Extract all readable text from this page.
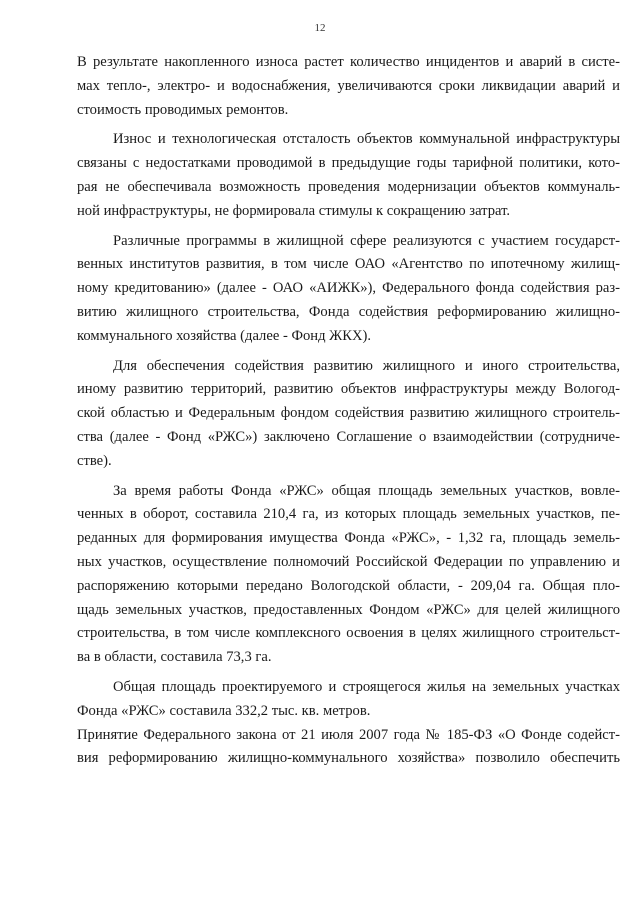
12
В результате накопленного износа растет количество инцидентов и аварий в систе-
мах тепло-, электро- и водоснабжения, увеличиваются сроки ликвидации аварий и
стоимость проводимых ремонтов.
Износ и технологическая отсталость объектов коммунальной инфраструктуры
связаны с недостатками проводимой в предыдущие годы тарифной политики, кото-
рая не обеспечивала возможность проведения модернизации объектов коммуналь-
ной инфраструктуры, не формировала стимулы к сокращению затрат.
Различные программы в жилищной сфере реализуются с участием государст-
венных институтов развития, в том числе ОАО «Агентство по ипотечному жилищ-
ному кредитованию» (далее - ОАО «АИЖК»), Федерального фонда содействия раз-
витию жилищного строительства, Фонда содействия реформированию жилищно-
коммунального хозяйства (далее - Фонд ЖКХ).
Для обеспечения содействия развитию жилищного и иного строительства,
иному развитию территорий, развитию объектов инфраструктуры между Вологод-
ской областью и Федеральным фондом содействия развитию жилищного строитель-
ства (далее - Фонд «РЖС») заключено Соглашение о взаимодействии (сотрудниче-
стве).
За время работы Фонда «РЖС» общая площадь земельных участков, вовле-
ченных в оборот, составила 210,4 га, из которых площадь земельных участков, пе-
реданных для формирования имущества Фонда «РЖС», - 1,32 га, площадь земель-
ных участков, осуществление полномочий Российской Федерации по управлению и
распоряжению которыми передано Вологодской области, - 209,04 га. Общая пло-
щадь земельных участков, предоставленных Фондом «РЖС» для целей жилищного
строительства, в том числе комплексного освоения в целях жилищного строительст-
ва в области, составила 73,3 га.
Общая площадь проектируемого и строящегося жилья на земельных участках
Фонда «РЖС» составила 332,2 тыс. кв. метров.
Принятие Федерального закона от 21 июля 2007 года № 185-ФЗ «О Фонде содейст-
вия реформированию жилищно-коммунального хозяйства» позволило обеспечить
